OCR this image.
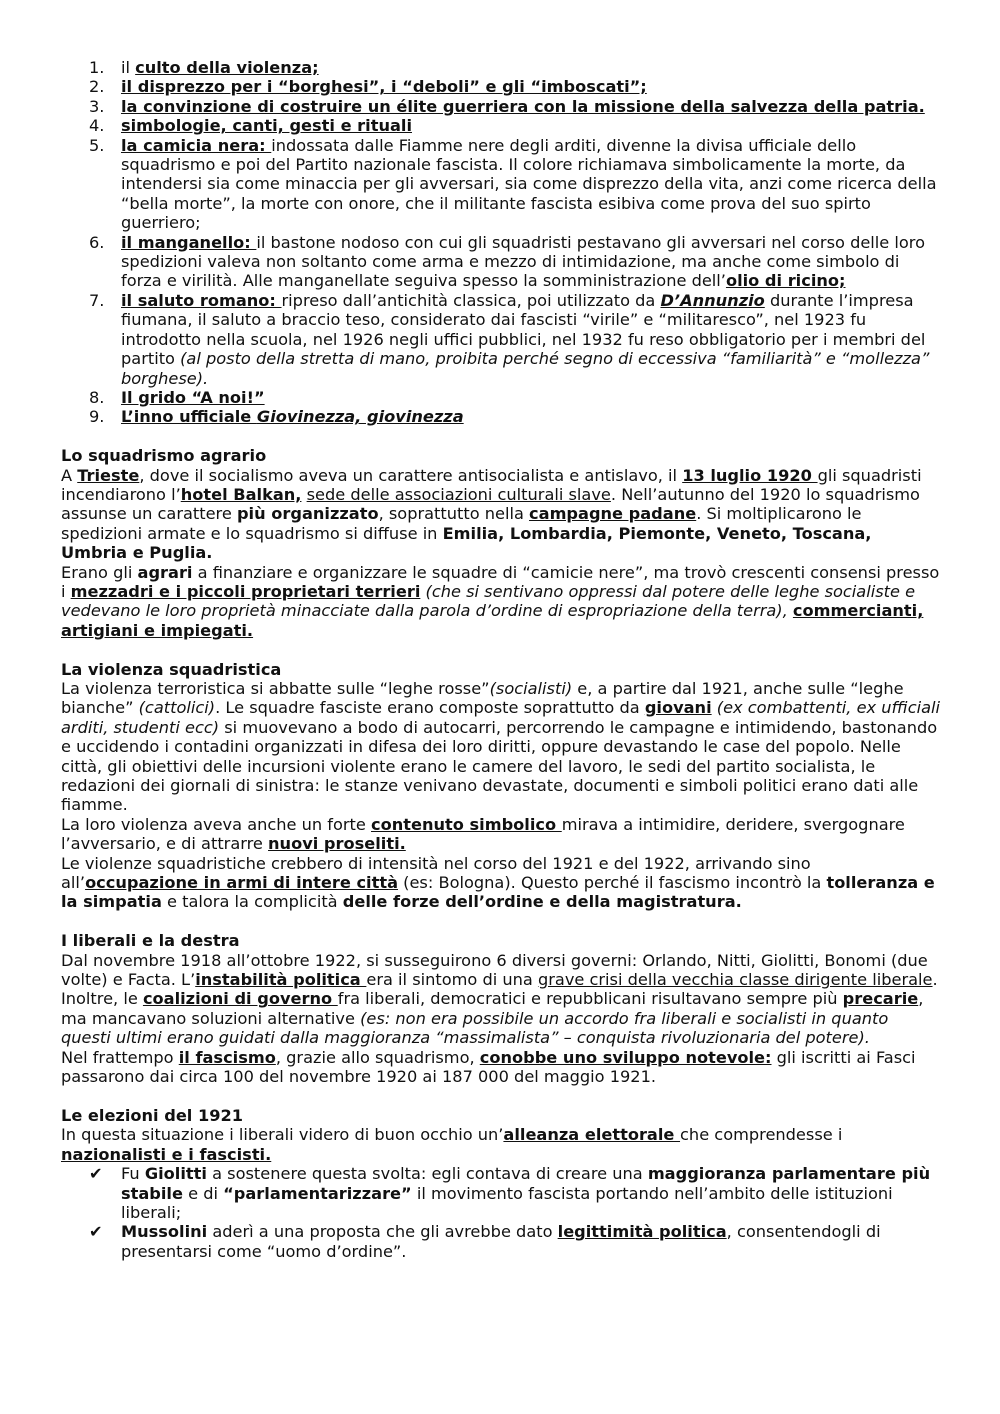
1. il culto della violenza;
2. il disprezzo per i “borghesi”, i “deboli” e gli “imboscati”;
3. la convinzione di costruire un élite guerriera con la missione della salvezza della patria.
4. simbologie, canti, gesti e rituali
5. la camicia nera: indossata dalle Fiamme nere degli arditi, divenne la divisa ufficiale dello squadrismo e poi del Partito nazionale fascista. Il colore richiamava simbolicamente la morte, da intendersi sia come minaccia per gli avversari, sia come disprezzo della vita, anzi come ricerca della “bella morte”, la morte con onore, che il militante fascista esibiva come prova del suo spirto guerriero;
6. il manganello: il bastone nodoso con cui gli squadristi pestavano gli avversari nel corso delle loro spedizioni valeva non soltanto come arma e mezzo di intimidazione, ma anche come simbolo di forza e virilità. Alle manganellate seguiva spesso la somministrazione dell’olio di ricino;
7. il saluto romano: ripreso dall’antichità classica, poi utilizzato da D’Annunzio durante l’impresa fiumana, il saluto a braccio teso, considerato dai fascisti “virile” e “militaresco”, nel 1923 fu introdotto nella scuola, nel 1926 negli uffici pubblici, nel 1932 fu reso obbligatorio per i membri del partito (al posto della stretta di mano, proibita perché segno di eccessiva “familiarità” e “mollezza” borghese).
8. Il grido “A noi!”
9. L’inno ufficiale Giovinezza, giovinezza
Lo squadrismo agrario
A Trieste, dove il socialismo aveva un carattere antisocialista e antislavo, il 13 luglio 1920 gli squadristi incendiarono l’hotel Balkan, sede delle associazioni culturali slave. Nell’autunno del 1920 lo squadrismo assunse un carattere più organizzato, soprattutto nella campagne padane. Si moltiplicarono le spedizioni armate e lo squadrismo si diffuse in Emilia, Lombardia, Piemonte, Veneto, Toscana, Umbria e Puglia.
Erano gli agrari a finanziare e organizzare le squadre di “camicie nere”, ma trovò crescenti consensi presso i mezzadri e i piccoli proprietari terrieri (che si sentivano oppressi dal potere delle leghe socialiste e vedevano le loro proprietà minacciate dalla parola d’ordine di espropriazione della terra), commercianti, artigiani e impiegati.
La violenza squadristica
La violenza terroristica si abbatte sulle “leghe rosse”(socialisti) e, a partire dal 1921, anche sulle “leghe bianche” (cattolici). Le squadre fasciste erano composte soprattutto da giovani (ex combattenti, ex ufficiali arditi, studenti ecc) si muovevano a bodo di autocarri, percorrendo le campagne e intimidendo, bastonando e uccidendo i contadini organizzati in difesa dei loro diritti, oppure devastando le case del popolo. Nelle città, gli obiettivi delle incursioni violente erano le camere del lavoro, le sedi del partito socialista, le redazioni dei giornali di sinistra: le stanze venivano devastate, documenti e simboli politici erano dati alle fiamme.
La loro violenza aveva anche un forte contenuto simbolico mirava a intimidire, deridere, svergognare l’avversario, e di attrarre nuovi proseliti.
Le violenze squadristiche crebbero di intensità nel corso del 1921 e del 1922, arrivando sino all’occupazione in armi di intere città (es: Bologna). Questo perché il fascismo incontrò la tolleranza e la simpatia e talora la complicità delle forze dell’ordine e della magistratura.
I liberali e la destra
Dal novembre 1918 all’ottobre 1922, si susseguirono 6 diversi governi: Orlando, Nitti, Giolitti, Bonomi (due volte) e Facta. L’instabilità politica era il sintomo di una grave crisi della vecchia classe dirigente liberale. Inoltre, le coalizioni di governo fra liberali, democratici e repubblicani risultavano sempre più precarie, ma mancavano soluzioni alternative (es: non era possibile un accordo fra liberali e socialisti in quanto questi ultimi erano guidati dalla maggioranza “massimalista” – conquista rivoluzionaria del potere).
Nel frattempo il fascismo, grazie allo squadrismo, conobbe uno sviluppo notevole: gli iscritti ai Fasci passarono dai circa 100 del novembre 1920 ai 187 000 del maggio 1921.
Le elezioni del 1921
In questa situazione i liberali videro di buon occhio un’alleanza elettorale che comprendesse i nazionalisti e i fascisti.
✔ Fu Giolitti a sostenere questa svolta: egli contava di creare una maggioranza parlamentare più stabile e di “parlamentarizzare” il movimento fascista portando nell’ambito delle istituzioni liberali;
✔ Mussolini aderì a una proposta che gli avrebbe dato legittimità politica, consentendogli di presentarsi come “uomo d’ordine”.
